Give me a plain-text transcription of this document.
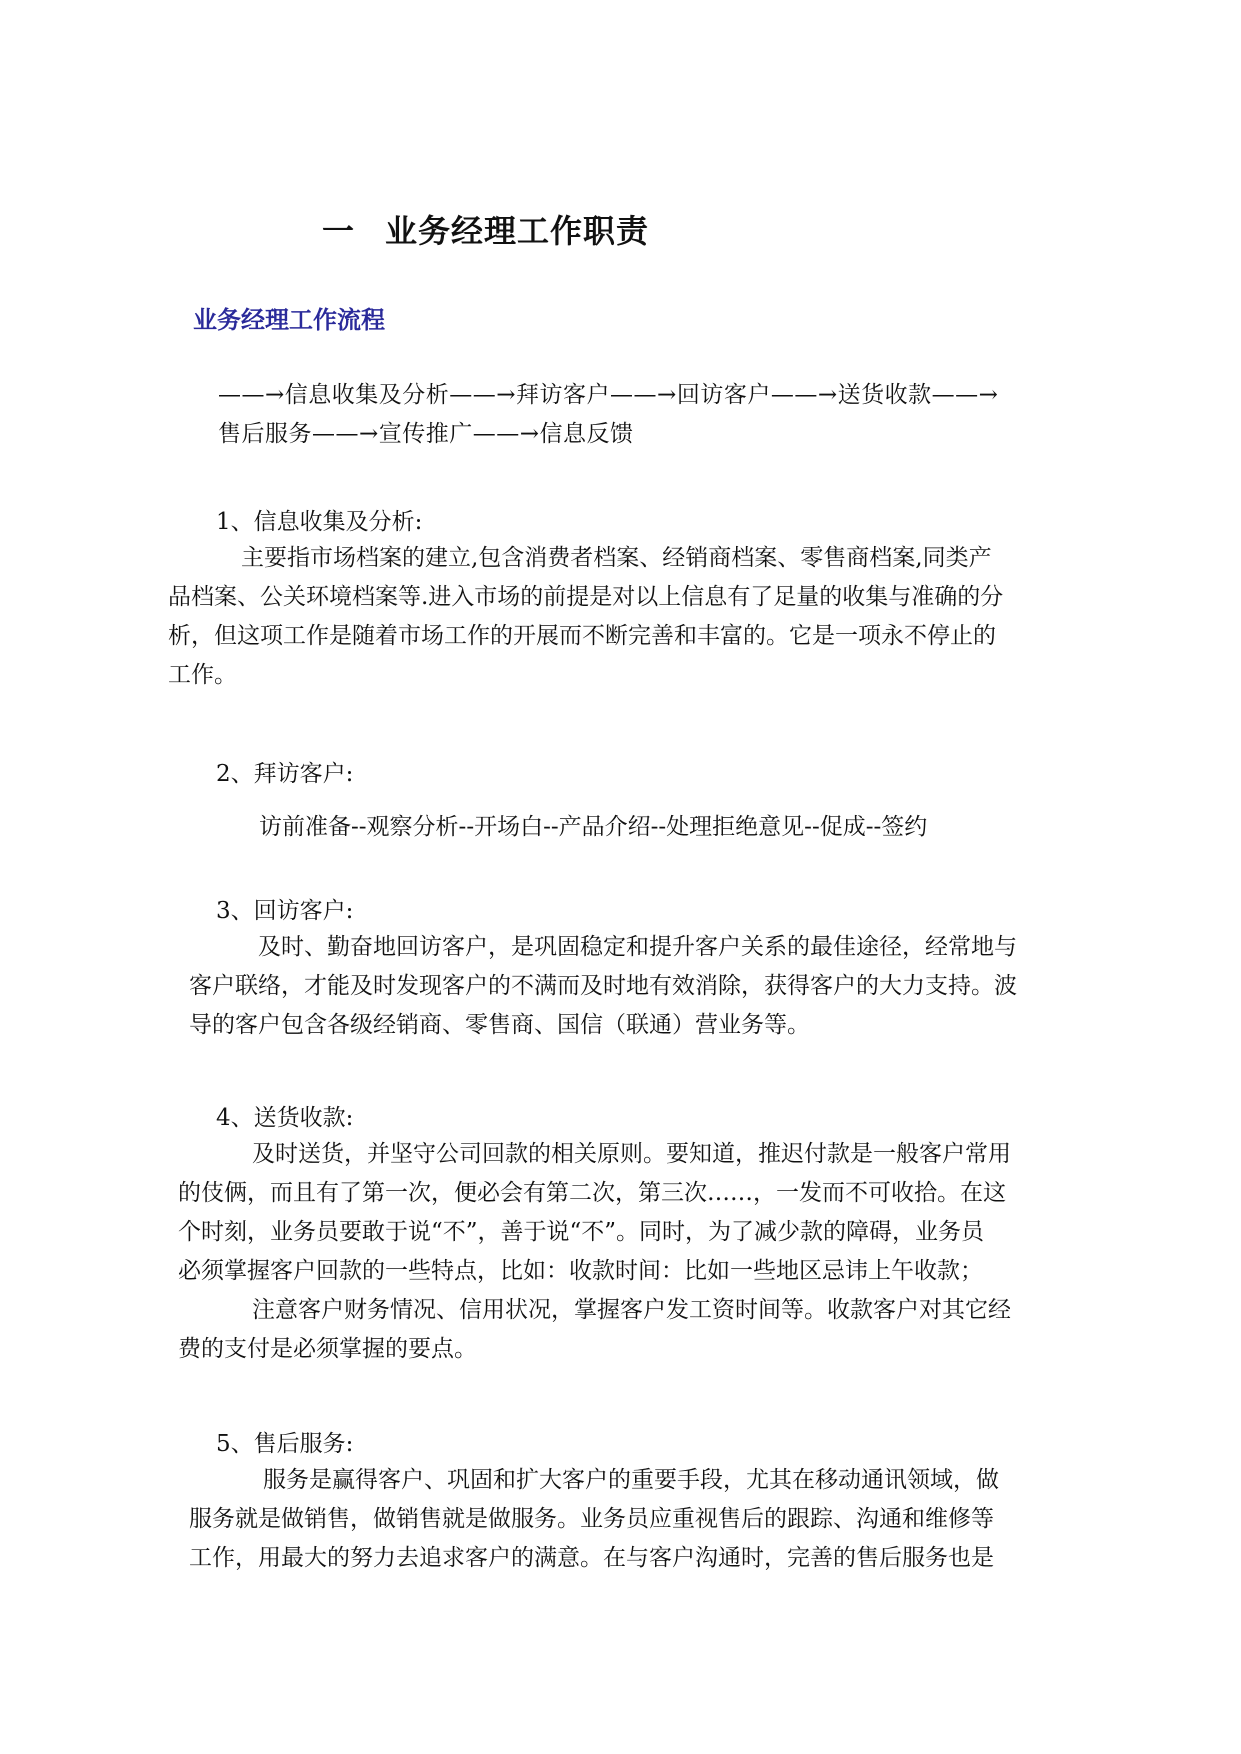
一 业务经理工作职责
业务经理工作流程
——→信息收集及分析——→拜访客户——→回访客户——→送货收款——→
售后服务——→宣传推广——→信息反馈
1、信息收集及分析:
主要指市场档案的建立,包含消费者档案、经销商档案、零售商档案,同类产
品档案、公关环境档案等.进入市场的前提是对以上信息有了足量的收集与准确的分
析，但这项工作是随着市场工作的开展而不断完善和丰富的。它是一项永不停止的
工作。
2、拜访客户:
访前准备--观察分析--开场白--产品介绍--处理拒绝意见--促成--签约
3、回访客户:
及时、勤奋地回访客户，是巩固稳定和提升客户关系的最佳途径，经常地与
客户联络，才能及时发现客户的不满而及时地有效消除，获得客户的大力支持。波
导的客户包含各级经销商、零售商、国信（联通）营业务等。
4、送货收款:
及时送货，并坚守公司回款的相关原则。要知道，推迟付款是一般客户常用
的伎俩，而且有了第一次，便必会有第二次，第三次……，一发而不可收拾。在这
个时刻，业务员要敢于说“不”，善于说“不”。同时，为了减少款的障碍，业务员
必须掌握客户回款的一些特点，比如：收款时间：比如一些地区忌讳上午收款；
注意客户财务情况、信用状况，掌握客户发工资时间等。收款客户对其它经
费的支付是必须掌握的要点。
5、售后服务:
服务是赢得客户、巩固和扩大客户的重要手段，尤其在移动通讯领域，做
服务就是做销售，做销售就是做服务。业务员应重视售后的跟踪、沟通和维修等
工作，用最大的努力去追求客户的满意。在与客户沟通时，完善的售后服务也是
